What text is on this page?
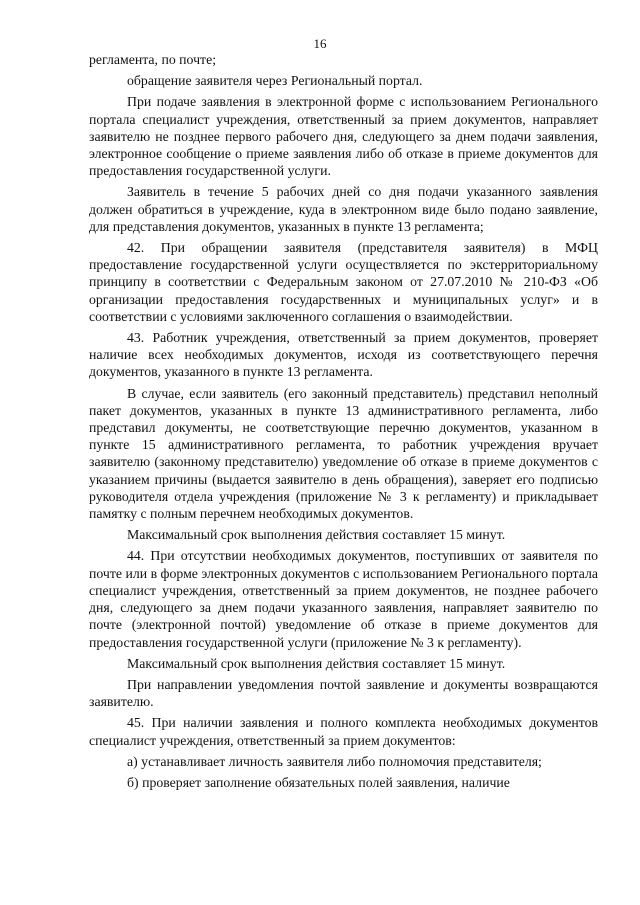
16

регламента, по почте;

обращение заявителя через Региональный портал.

При подаче заявления в электронной форме с использованием Регионального портала специалист учреждения, ответственный за прием документов, направляет заявителю не позднее первого рабочего дня, следующего за днем подачи заявления, электронное сообщение о приеме заявления либо об отказе в приеме документов для предоставления государственной услуги.

Заявитель в течение 5 рабочих дней со дня подачи указанного заявления должен обратиться в учреждение, куда в электронном виде было подано заявление, для представления документов, указанных в пункте 13 регламента;

42. При обращении заявителя (представителя заявителя) в МФЦ предоставление государственной услуги осуществляется по экстерриториальному принципу в соответствии с Федеральным законом от 27.07.2010 № 210-ФЗ «Об организации предоставления государственных и муниципальных услуг» и в соответствии с условиями заключенного соглашения о взаимодействии.

43. Работник учреждения, ответственный за прием документов, проверяет наличие всех необходимых документов, исходя из соответствующего перечня документов, указанного в пункте 13 регламента.

В случае, если заявитель (его законный представитель) представил неполный пакет документов, указанных в пункте 13 административного регламента, либо представил документы, не соответствующие перечню документов, указанном в пункте 15 административного регламента, то работник учреждения вручает заявителю (законному представителю) уведомление об отказе в приеме документов с указанием причины (выдается заявителю в день обращения), заверяет его подписью руководителя отдела учреждения (приложение № 3 к регламенту) и прикладывает памятку с полным перечнем необходимых документов.

Максимальный срок выполнения действия составляет 15 минут.

44. При отсутствии необходимых документов, поступивших от заявителя по почте или в форме электронных документов с использованием Регионального портала специалист учреждения, ответственный за прием документов, не позднее рабочего дня, следующего за днем подачи указанного заявления, направляет заявителю по почте (электронной почтой) уведомление об отказе в приеме документов для предоставления государственной услуги (приложение № 3 к регламенту).

Максимальный срок выполнения действия составляет 15 минут.

При направлении уведомления почтой заявление и документы возвращаются заявителю.

45. При наличии заявления и полного комплекта необходимых документов специалист учреждения, ответственный за прием документов:

а) устанавливает личность заявителя либо полномочия представителя;

б) проверяет заполнение обязательных полей заявления, наличие
